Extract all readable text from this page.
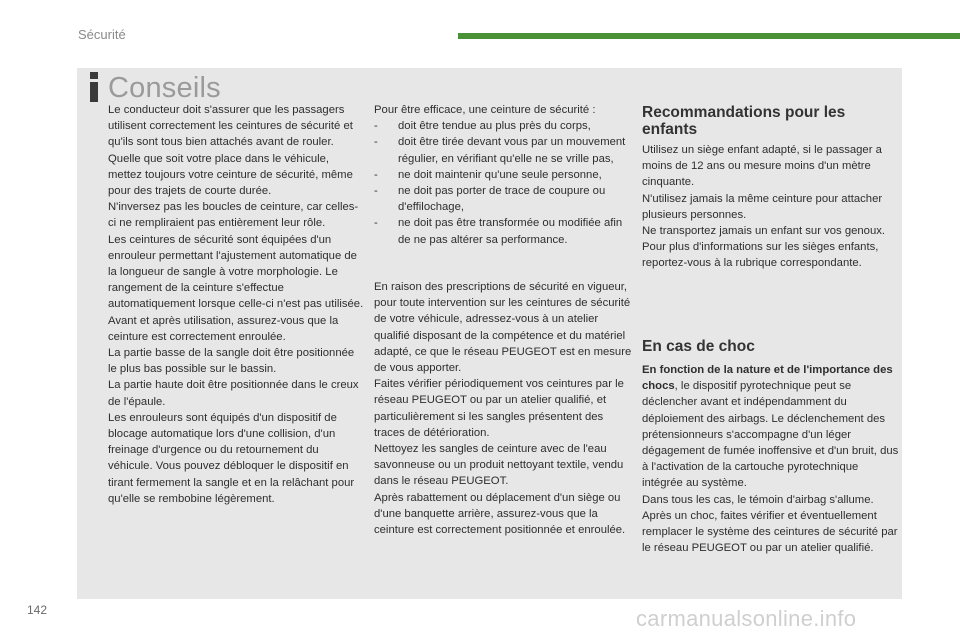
Sécurité
Conseils

Le conducteur doit s'assurer que les passagers utilisent correctement les ceintures de sécurité et qu'ils sont tous bien attachés avant de rouler.

Quelle que soit votre place dans le véhicule, mettez toujours votre ceinture de sécurité, même pour des trajets de courte durée.

N'inversez pas les boucles de ceinture, car celles-ci ne rempliraient pas entièrement leur rôle.

Les ceintures de sécurité sont équipées d'un enrouleur permettant l'ajustement automatique de la longueur de sangle à votre morphologie. Le rangement de la ceinture s'effectue automatiquement lorsque celle-ci n'est pas utilisée.

Avant et après utilisation, assurez-vous que la ceinture est correctement enroulée.

La partie basse de la sangle doit être positionnée le plus bas possible sur le bassin.

La partie haute doit être positionnée dans le creux de l'épaule.

Les enrouleurs sont équipés d'un dispositif de blocage automatique lors d'une collision, d'un freinage d'urgence ou du retournement du véhicule. Vous pouvez débloquer le dispositif en tirant fermement la sangle et en la relâchant pour qu'elle se rembobine légèrement.

Pour être efficace, une ceinture de sécurité :

- doit être tendue au plus près du corps,
- doit être tirée devant vous par un mouvement régulier, en vérifiant qu'elle ne se vrille pas,
- ne doit maintenir qu'une seule personne,
- ne doit pas porter de trace de coupure ou d'effilochage,
- ne doit pas être transformée ou modifiée afin de ne pas altérer sa performance.

En raison des prescriptions de sécurité en vigueur, pour toute intervention sur les ceintures de sécurité de votre véhicule, adressez-vous à un atelier qualifié disposant de la compétence et du matériel adapté, ce que le réseau PEUGEOT est en mesure de vous apporter.

Faites vérifier périodiquement vos ceintures par le réseau PEUGEOT ou par un atelier qualifié, et particulièrement si les sangles présentent des traces de détérioration.

Nettoyez les sangles de ceinture avec de l'eau savonneuse ou un produit nettoyant textile, vendu dans le réseau PEUGEOT.

Après rabattement ou déplacement d'un siège ou d'une banquette arrière, assurez-vous que la ceinture est correctement positionnée et enroulée.

Recommandations pour les enfants

Utilisez un siège enfant adapté, si le passager a moins de 12 ans ou mesure moins d'un mètre cinquante.

N'utilisez jamais la même ceinture pour attacher plusieurs personnes.

Ne transportez jamais un enfant sur vos genoux.

Pour plus d'informations sur les sièges enfants, reportez-vous à la rubrique correspondante.

En cas de choc

En fonction de la nature et de l'importance des chocs, le dispositif pyrotechnique peut se déclencher avant et indépendamment du déploiement des airbags. Le déclenchement des prétensionneurs s'accompagne d'un léger dégagement de fumée inoffensive et d'un bruit, dus à l'activation de la cartouche pyrotechnique intégrée au système.

Dans tous les cas, le témoin d'airbag s'allume.

Après un choc, faites vérifier et éventuellement remplacer le système des ceintures de sécurité par le réseau PEUGEOT ou par un atelier qualifié.

142	carmanualsonline.info
